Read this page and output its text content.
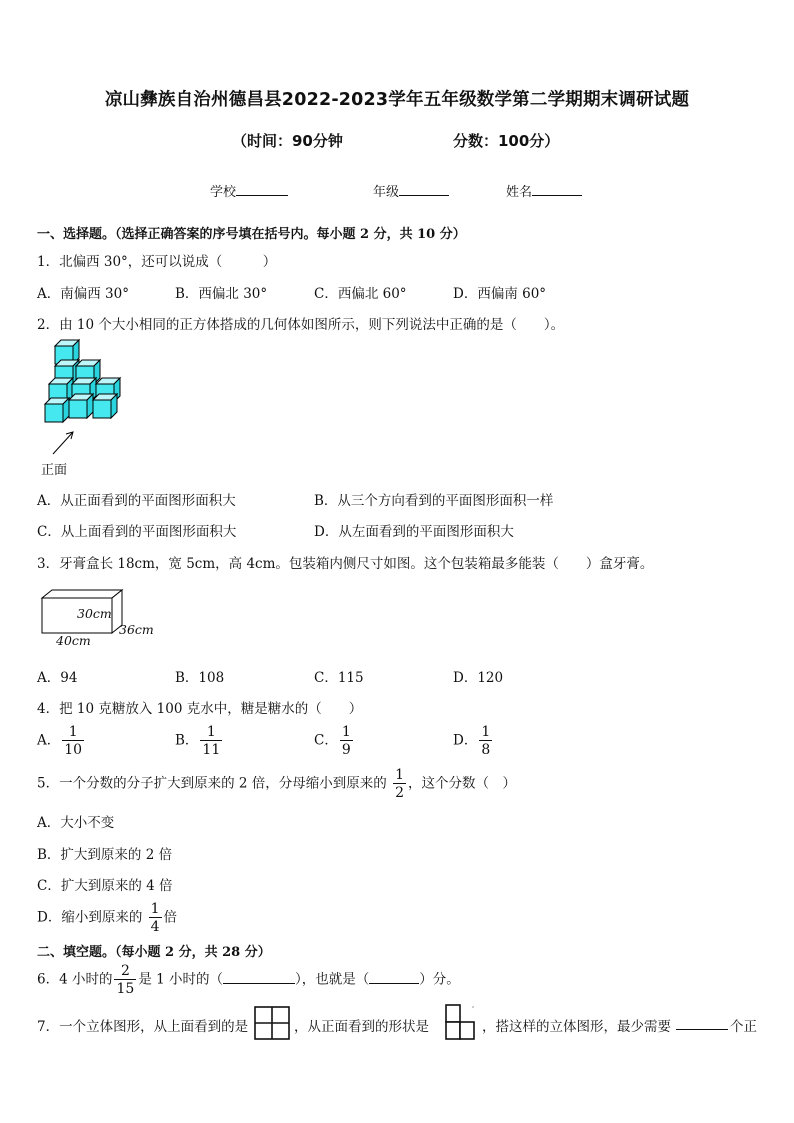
凉山彝族自治州德昌县2022-2023学年五年级数学第二学期期末调研试题
（时间：90分钟	分数：100分）
学校	年级	姓名
一、选择题。（选择正确答案的序号填在括号内。每小题 2 分，共 10 分）
1．北偏西 30°，还可以说成（　　　）
A．南偏西 30°	B．西偏北 30°	C．西偏北 60°	D．西偏南 60°
2．由 10 个大小相同的正方体搭成的几何体如图所示，则下列说法中正确的是（　　）。
正面
A．从正面看到的平面图形面积大	B．从三个方向看到的平面图形面积一样
C．从上面看到的平面图形面积大	D．从左面看到的平面图形面积大
3．牙膏盒长 18cm，宽 5cm，高 4cm。包装箱内侧尺寸如图。这个包装箱最多能装（　　）盒牙膏。
30cm
36cm
40cm
A．94	B．108	C．115	D．120
4．把 10 克糖放入 100 克水中，糖是糖水的（　　）
A． $\frac{1}{10}$	B． $\frac{1}{11}$	C． $\frac{1}{9}$	D． $\frac{1}{8}$
5．一个分数的分子扩大到原来的 2 倍，分母缩小到原来的 $\frac{1}{2}$ ，这个分数（　）
A．大小不变
B．扩大到原来的 2 倍
C．扩大到原来的 4 倍
D．缩小到原来的 $\frac{1}{4}$ 倍
二、填空题。（每小题 2 分，共 28 分）
6．4 小时的 $\frac{2}{15}$ 是 1 小时的（	），也就是（	）分。
7．一个立体图形，从上面看到的是	，从正面看到的形状是	，搭这样的立体图形，最少需要	个正
